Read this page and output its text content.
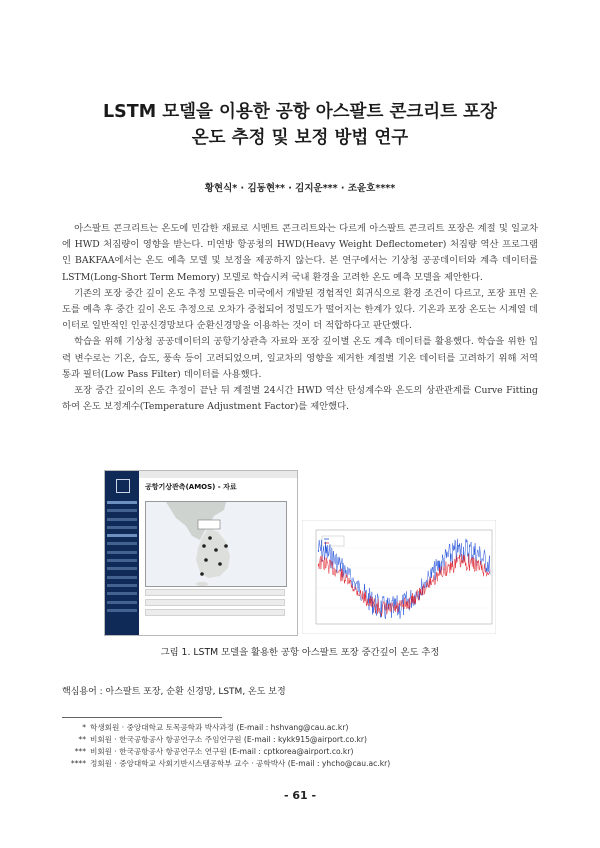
LSTM 모델을 이용한 공항 아스팔트 콘크리트 포장
온도 추정 및 보정 방법 연구
황현식* · 김동현** · 김지운*** · 조윤호****

아스팔트 콘크리트는 온도에 민감한 재료로 시멘트 콘크리트와는 다르게 아스팔트 콘크리트 포장은 계절 및 일교차에 HWD 처짐량이 영향을 받는다. 미연방 항공청의 HWD(Heavy Weight Deflectometer) 처짐량 역산 프로그램인 BAKFAA에서는 온도 예측 모델 및 보정을 제공하지 않는다. 본 연구에서는 기상청 공공데이터와 계측 데이터를 LSTM(Long-Short Term Memory) 모델로 학습시켜 국내 환경을 고려한 온도 예측 모델을 제안한다.

기존의 포장 중간 깊이 온도 추정 모델들은 미국에서 개발된 경험적인 회귀식으로 환경 조건이 다르고, 포장 표면 온도를 예측 후 중간 깊이 온도 추정으로 오차가 중첩되어 정밀도가 떨어지는 한계가 있다. 기온과 포장 온도는 시계열 데이터로 일반적인 인공신경망보다 순환신경망을 이용하는 것이 더 적합하다고 판단했다.

학습을 위해 기상청 공공데이터의 공항기상관측 자료와 포장 깊이별 온도 계측 데이터를 활용했다. 학습을 위한 입력 변수로는 기온, 습도, 풍속 등이 고려되었으며, 일교차의 영향을 제거한 계절별 기온 데이터를 고려하기 위해 저역 통과 필터(Low Pass Filter) 데이터를 사용했다.

포장 중간 깊이의 온도 추정이 끝난 뒤 계절별 24시간 HWD 역산 탄성계수와 온도의 상관관계를 Curve Fitting하여 온도 보정계수(Temperature Adjustment Factor)를 제안했다.

공항기상관측(AMOS) - 자료
그림 1. LSTM 모델을 활용한 공항 아스팔트 포장 중간깊이 온도 추정
핵심용어 : 아스팔트 포장, 순환 신경망, LSTM, 온도 보정
* 학생회원 · 중앙대학교 토목공학과 박사과정 (E-mail : hshvang@cau.ac.kr)
** 비회원 · 한국공항공사 항공연구소 주임연구원 (E-mail : kykk915@airport.co.kr)
*** 비회원 · 한국공항공사 항공연구소 연구원 (E-mail : cptkorea@airport.co.kr)
**** 정회원 · 중앙대학교 사회기반시스템공학부 교수 · 공학박사 (E-mail : yhcho@cau.ac.kr)
- 61 -
